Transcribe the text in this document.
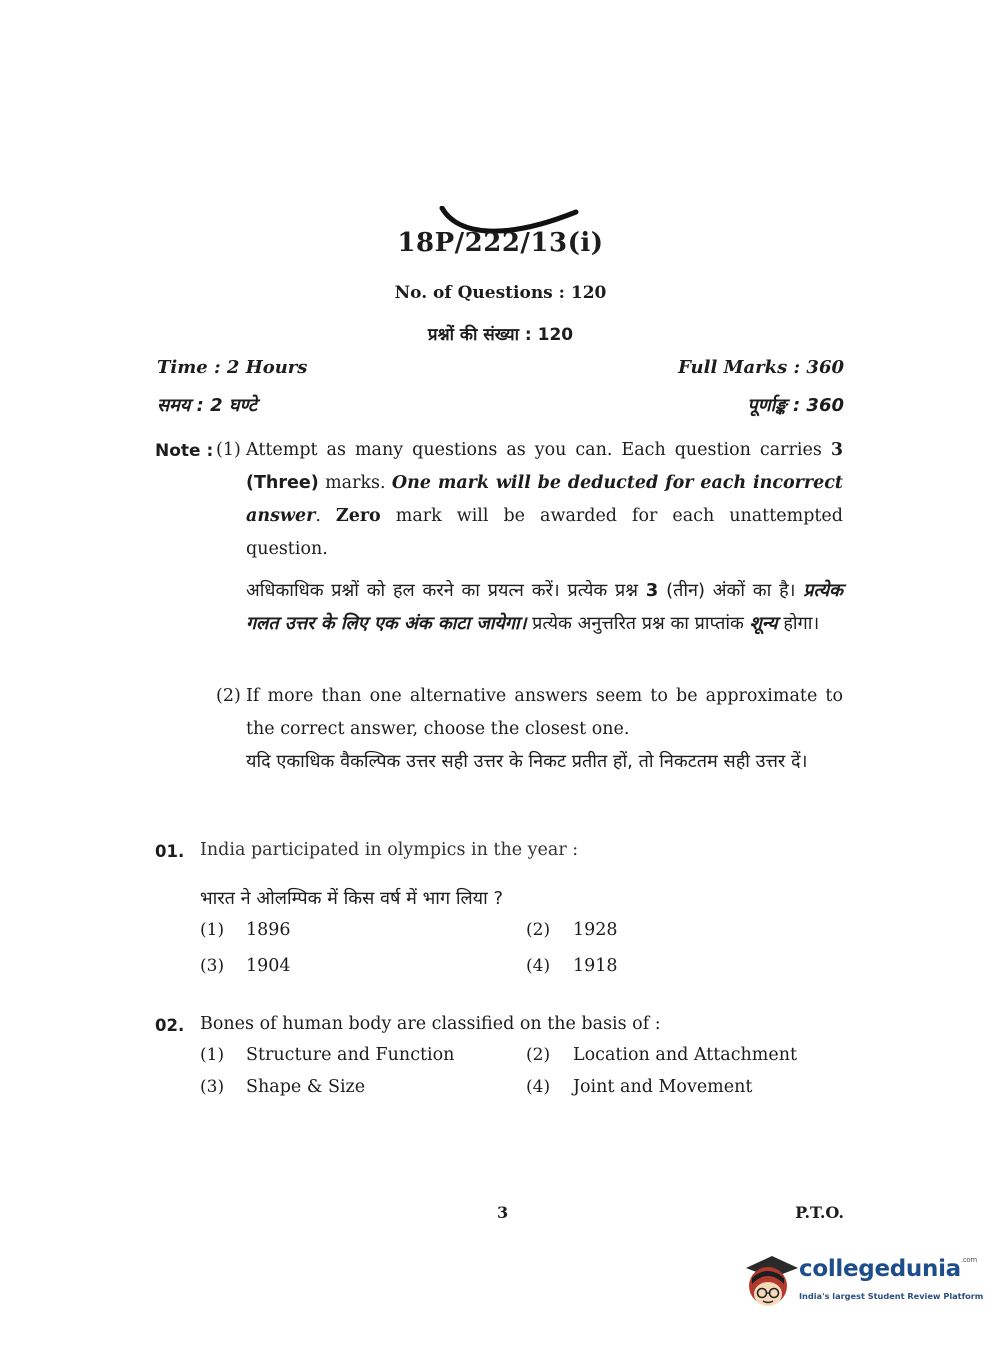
18P/222/13(i)
No. of Questions : 120
प्रश्नों की संख्या : 120
Time : 2 Hours
समय : 2 घण्टे
Full Marks : 360
पूर्णाङ्क : 360
Note : (1) Attempt as many questions as you can. Each question carries 3 (Three) marks. One mark will be deducted for each incorrect answer. Zero mark will be awarded for each unattempted question.
अधिकाधिक प्रश्नों को हल करने का प्रयत्न करें। प्रत्येक प्रश्न 3 (तीन) अंकों का है। प्रत्येक गलत उत्तर के लिए एक अंक काटा जायेगा। प्रत्येक अनुत्तरित प्रश्न का प्राप्तांक शून्य होगा।
(2) If more than one alternative answers seem to be approximate to the correct answer, choose the closest one.
यदि एकाधिक वैकल्पिक उत्तर सही उत्तर के निकट प्रतीत हों, तो निकटतम सही उत्तर दें।
01. India participated in olympics in the year :
भारत ने ओलम्पिक में किस वर्ष में भाग लिया ?
(1) 1896	(2) 1928
(3) 1904	(4) 1918
02. Bones of human body are classified on the basis of :
(1) Structure and Function	(2) Location and Attachment
(3) Shape & Size	(4) Joint and Movement
3	P.T.O.
collegedunia$^{.com}$
India's largest Student Review Platform
